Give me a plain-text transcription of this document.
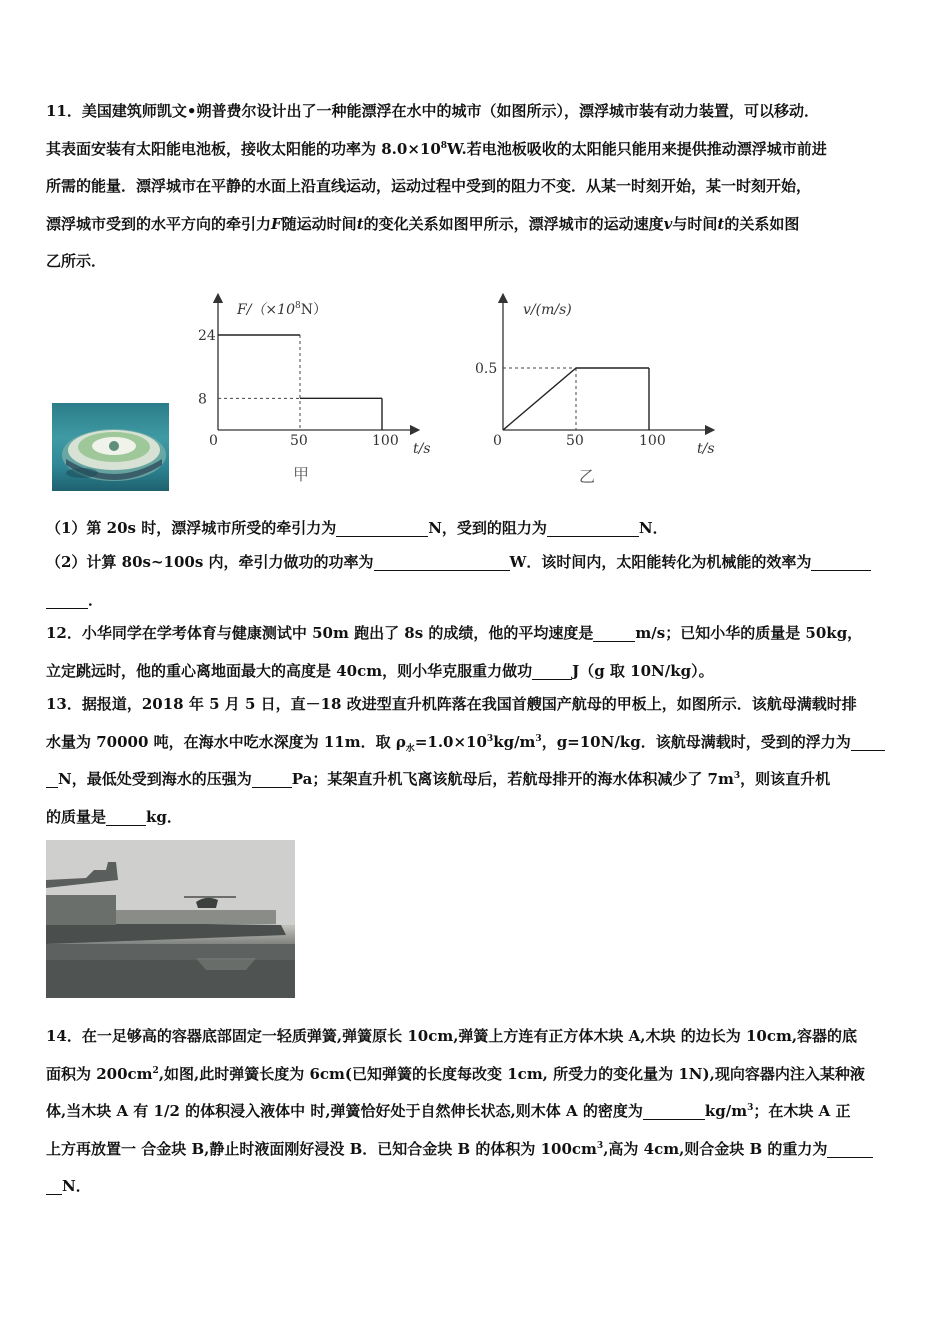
11．美国建筑师凯文•朔普费尔设计出了一种能漂浮在水中的城市（如图所示），漂浮城市装有动力装置，可以移动．
其表面安装有太阳能电池板，接收太阳能的功率为 $8.0\times 10^8W$.若电池板吸收的太阳能只能用来提供推动漂浮城市前进
所需的能量．漂浮城市在平静的水面上沿直线运动，运动过程中受到的阻力不变．从某一时刻开始，某一时刻开始，
漂浮城市受到的水平方向的牵引力F随运动时间t的变化关系如图甲所示，漂浮城市的运动速度v与时间t的关系如图
乙所示．
$F/(\times 10^8N)$
t/s
0	50	100
8
24
甲
v/(m/s)
t/s
0	50	100
0.5
乙
（1）第 20s 时，漂浮城市所受的牵引力为	N，受到的阻力为	N．
（2）计算 80s~100s 内，牵引力做功的功率为	W．该时间内，太阳能转化为机械能的效率为
．
12．小华同学在学考体育与健康测试中 50m 跑出了 8s 的成绩，他的平均速度是	m/s；已知小华的质量是 50kg，
立定跳远时，他的重心离地面最大的高度是 40cm，则小华克服重力做功	J（g 取 10N/kg）。
13．据报道，2018 年 5 月 5 日，直－18 改进型直升机阵落在我国首艘国产航母的甲板上，如图所示．该航母满载时排
水量为 70000 吨，在海水中吃水深度为 11m．取 $\rho_水=1.0\times 10^3kg/m^3$，g=10N/kg．该航母满载时，受到的浮力为
N，最低处受到海水的压强为	Pa；某架直升机飞离该航母后，若航母排开的海水体积减少了 $7m^3$，则该直升机
的质量是	kg．
14．在一足够高的容器底部固定一轻质弹簧,弹簧原长 10cm,弹簧上方连有正方体木块 A,木块 的边长为 10cm,容器的底
面积为 $200cm^2$,如图,此时弹簧长度为 6cm(已知弹簧的长度每改变 1cm, 所受力的变化量为 1N),现向容器内注入某种液
体,当木块 A 有 1/2 的体积浸入液体中 时,弹簧恰好处于自然伸长状态,则木体 A 的密度为	$kg/m^3$；在木块 A 正
上方再放置一 合金块 B,静止时液面刚好浸没 B．已知合金块 B 的体积为 $100cm^3$,高为 4cm,则合金块 B 的重力为
N．
